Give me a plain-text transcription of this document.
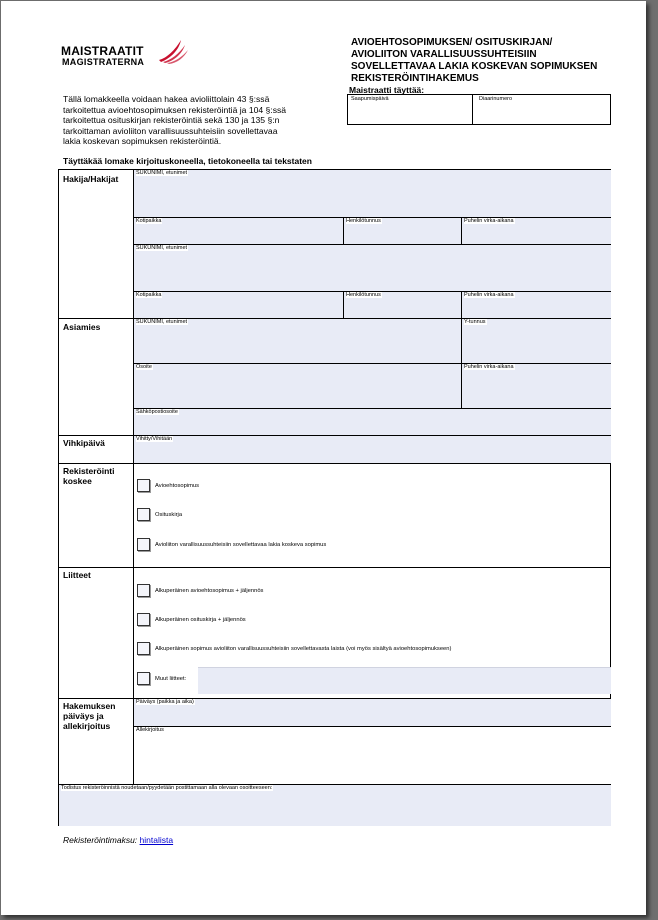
MAISTRAATIT
MAGISTRATERNA
AVIOEHTOSOPIMUKSEN/ OSITUSKIRJAN/ AVIOLIITON VARALLISUUSSUHTEISIIN SOVELLETTAVAA LAKIA KOSKEVAN SOPIMUKSEN REKISTERÖINTIHAKEMUS
Tällä lomakkeella voidaan hakea avioliittolain 43 §:ssä tarkoitettua avioehtosopimuksen rekisteröintiä ja 104 §:ssä tarkoitettua osituskirjan rekisteröintiä sekä 130 ja 135 §:n tarkoittaman avioliiton varallisuussuhteisiin sovellettavaa lakia koskevan sopimuksen rekisteröintiä.
Maistraatti täyttää:
Saapumispäivä	Diaarinumero
Täyttäkää lomake kirjoituskoneella, tietokoneella tai tekstaten
Hakija/Hakijat
SUKUNIMI, etunimet
Kotipaikka	Henkilötunnus	Puhelin virka-aikana
SUKUNIMI, etunimet
Kotipaikka	Henkilötunnus	Puhelin virka-aikana
Asiamies	SUKUNIMI, etunimet	Y-tunnus
Osoite	Puhelin virka-aikana
Sähköpostiosoite
Vihkipäivä	Vihitty/Vihitään
Rekisteröinti koskee	Avioehtosopimus
Osituskirja
Avioliiton varallisuussuhteisiin sovellettavaa lakia koskeva sopimus
Liitteet
Alkuperäinen avioehtosopimus + jäljennös
Alkuperäinen osituskirja + jäljennös
Alkuperäinen sopimus avioliiton varallisuussuhteisiin sovellettavasta laista (voi myös sisältyä avioehtosopimukseen)
Muut liitteet:
Hakemuksen päiväys ja allekirjoitus
Päiväys (paikka ja aika)
Allekirjoitus
Todistus rekisteröinnistä noudetaan/pyydetään postittamaan alla olevaan osoitteeseen:
Rekisteröintimaksu: hintalista
